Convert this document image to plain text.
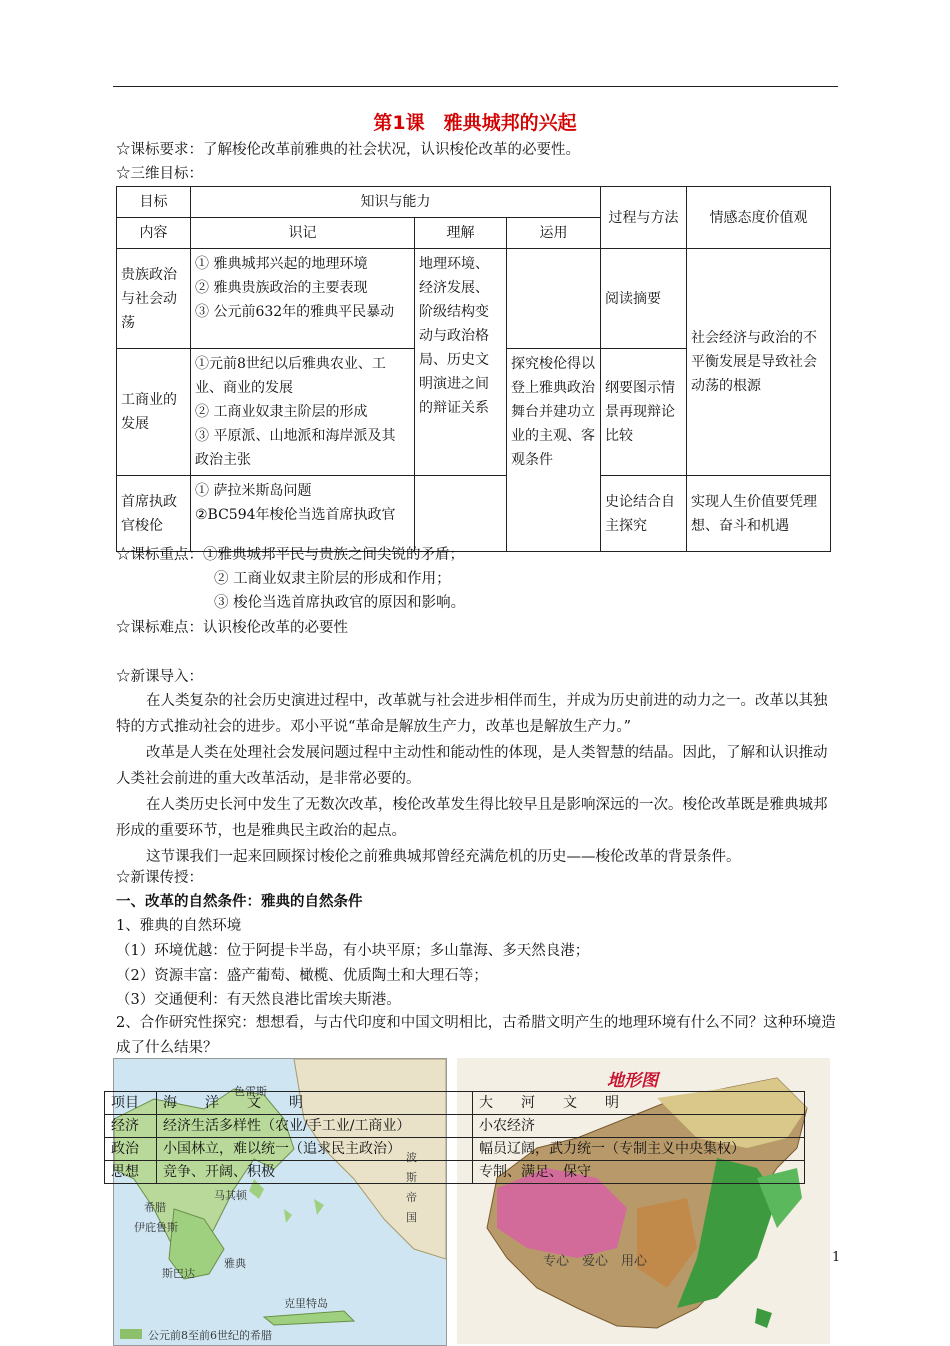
第1课　雅典城邦的兴起
☆课标要求：了解梭伦改革前雅典的社会状况，认识梭伦改革的必要性。
☆三维目标：
目标	知识与能力			过程与方法	情感态度价值观
内容	识记	理解	运用		
贵族政治与社会动荡	① 雅典城邦兴起的地理环境
② 雅典贵族政治的主要表现
③ 公元前632年的雅典平民暴动	地理环境、经济发展、阶级结构变动与政治格局、历史文明演进之间的辩证关系		阅读摘要	社会经济与政治的不平衡发展是导致社会动荡的根源
工商业的发展	①元前8世纪以后雅典农业、工业、商业的发展
② 工商业奴隶主阶层的形成
③ 平原派、山地派和海岸派及其 政治主张		探究梭伦得以登上雅典政治舞台并建功立业的主观、客观条件	纲要图示情景再现辩论比较	
首席执政官梭伦	① 萨拉米斯岛问题
②BC594年梭伦当选首席执政官			史论结合自主探究	实现人生价值要凭理想、奋斗和机遇
☆课标重点：①雅典城邦平民与贵族之间尖锐的矛盾；
② 工商业奴隶主阶层的形成和作用；
③ 梭伦当选首席执政官的原因和影响。
☆课标难点：认识梭伦改革的必要性
☆新课导入：
在人类复杂的社会历史演进过程中，改革就与社会进步相伴而生，并成为历史前进的动力之一。改革以其独特的方式推动社会的进步。邓小平说“革命是解放生产力，改革也是解放生产力。”
改革是人类在处理社会发展问题过程中主动性和能动性的体现，是人类智慧的结晶。因此，了解和认识推动人类社会前进的重大改革活动，是非常必要的。
在人类历史长河中发生了无数次改革，梭伦改革发生得比较早且是影响深远的一次。梭伦改革既是雅典城邦形成的重要环节，也是雅典民主政治的起点。
这节课我们一起来回顾探讨梭伦之前雅典城邦曾经充满危机的历史——梭伦改革的背景条件。
☆新课传授：
一、改革的自然条件：雅典的自然条件
1、雅典的自然环境
（1）环境优越：位于阿提卡半岛，有小块平原；多山靠海、多天然良港；
（2）资源丰富：盛产葡萄、橄榄、优质陶土和大理石等；
（3）交通便利：有天然良港比雷埃夫斯港。
2、合作研究性探究：想想看，与古代印度和中国文明相比，古希腊文明产生的地理环境有什么不同？这种环境造成了什么结果？
色雷斯
波
斯
帝
国
马其顿
希腊
伊庇鲁斯
雅典
斯巴达
克里特岛
公元前8至前6世纪的希腊
地形图
项目	海　　洋　　文　　明	大　　河　　文　　明
经济	经济生活多样性（农业/手工业/工商业）	小农经济
政治	小国林立，难以统一（追求民主政治）	幅员辽阔，武力统一（专制主义中央集权）
思想	竞争、开阔、积极	专制、满足、保守
专心　爱心　用心	1
